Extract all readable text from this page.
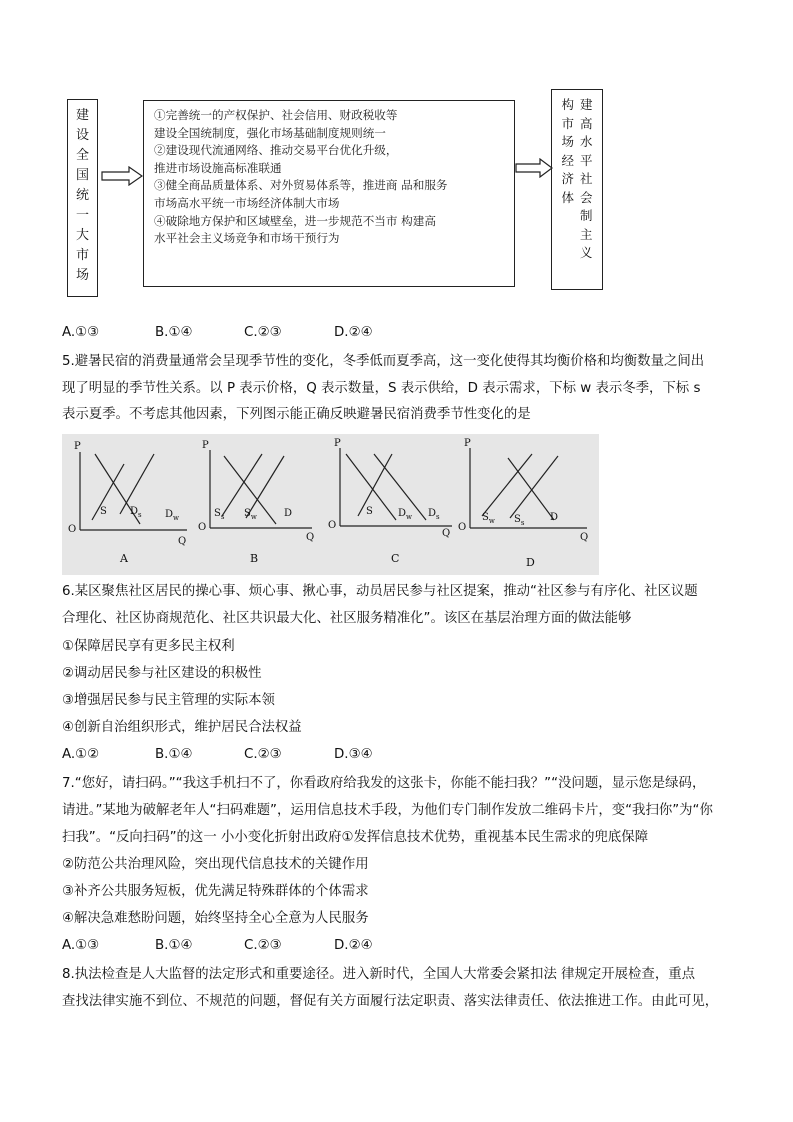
建
设
全
国
统
一
大
市
场
①完善统一的产权保护、社会信用、财政税收等
建设全国统制度，强化市场基础制度规则统一
②建设现代流通网络、推动交易平台优化升级，
推进市场设施高标准联通
③健全商品质量体系、对外贸易体系等，推进商 品和服务
市场高水平统一市场经济体制大市场
④破除地方保护和区域壁垒，进一步规范不当市 构建高
水平社会主义场竞争和市场干预行为
构
市
场
经
济
体
建
高
水
平
社
会
制
主
义
A.①③	B.①④	C.②③	D.②④
5.避暑民宿的消费量通常会呈现季节性的变化，冬季低而夏季高，这一变化使得其均衡价格和均衡数量之间出
现了明显的季节性关系。以 P 表示价格，Q 表示数量，S 表示供给，D 表示需求，下标 w 表示冬季，下标 s
表示夏季。不考虑其他因素，下列图示能正确反映避暑民宿消费季节性变化的是
P
O
Q
S $D_s$ $D_w$
A
P
O
Q
$S_s$ $S_w$	D
B
P
O
Q
S	$D_w$ $D_s$
C
P
O
Q
$S_w$ $S_s$	D
D
6.某区聚焦社区居民的操心事、烦心事、揪心事，动员居民参与社区提案，推动“社区参与有序化、社区议题
合理化、社区协商规范化、社区共识最大化、社区服务精准化”。该区在基层治理方面的做法能够
①保障居民享有更多民主权利
②调动居民参与社区建设的积极性
③增强居民参与民主管理的实际本领
④创新自治组织形式，维护居民合法权益
A.①②	B.①④	C.②③	D.③④
7.“您好，请扫码。”“我这手机扫不了，你看政府给我发的这张卡，你能不能扫我？”“没问题，显示您是绿码，
请进。”某地为破解老年人“扫码难题”，运用信息技术手段，为他们专门制作发放二维码卡片，变“我扫你”为“你
扫我”。“反向扫码”的这一 小小变化折射出政府①发挥信息技术优势，重视基本民生需求的兜底保障
②防范公共治理风险，突出现代信息技术的关键作用
③补齐公共服务短板，优先满足特殊群体的个体需求
④解决急难愁盼问题，始终坚持全心全意为人民服务
A.①③	B.①④	C.②③	D.②④
8.执法检查是人大监督的法定形式和重要途径。进入新时代，全国人大常委会紧扣法 律规定开展检查，重点
查找法律实施不到位、不规范的问题，督促有关方面履行法定职责、落实法律责任、依法推进工作。由此可见，
